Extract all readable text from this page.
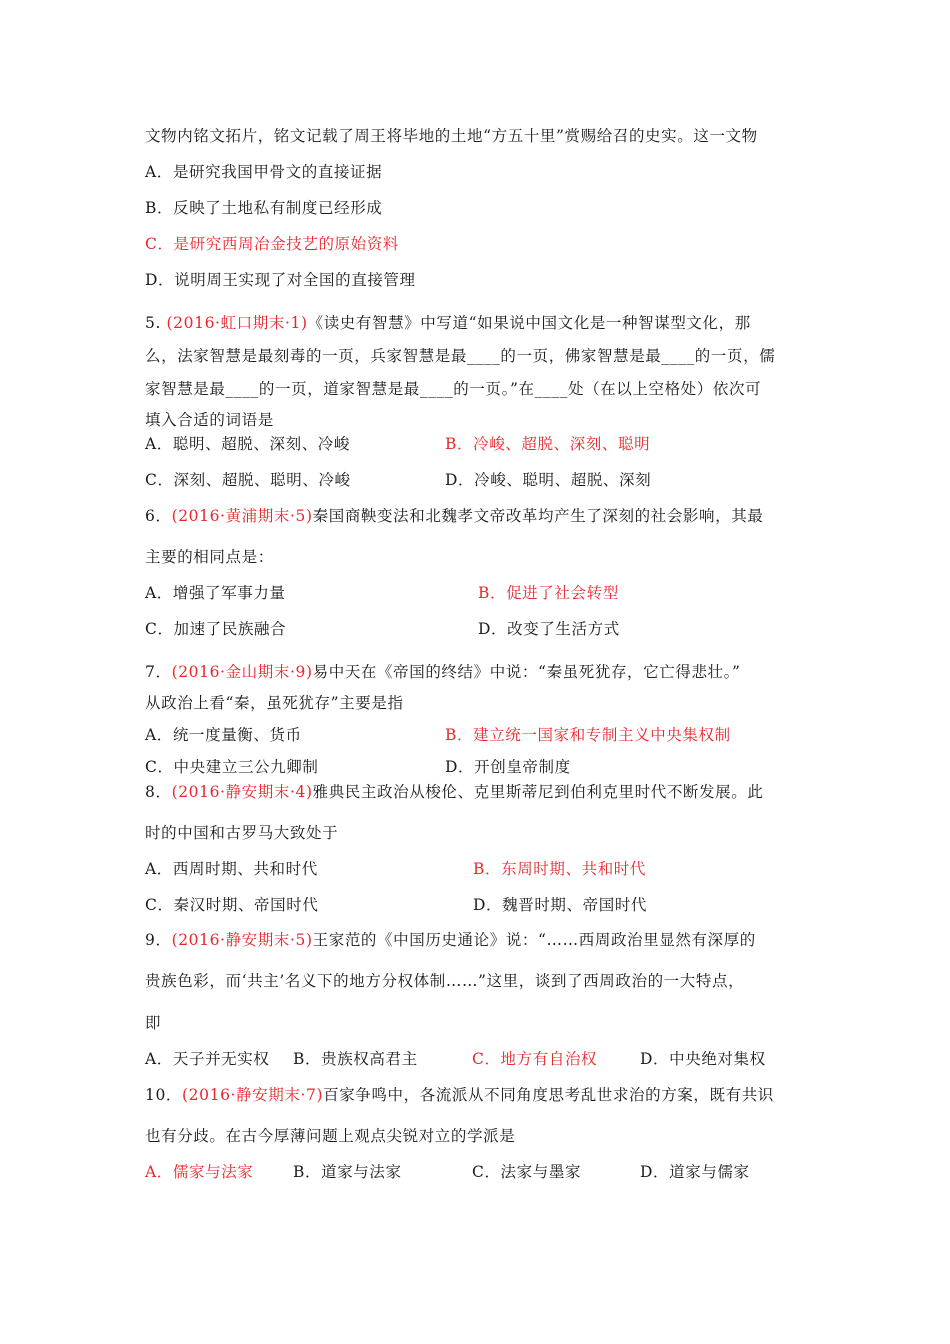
文物内铭文拓片，铭文记载了周王将毕地的土地“方五十里”赏赐给召的史实。这一文物
A．是研究我国甲骨文的直接证据
B．反映了土地私有制度已经形成
C．是研究西周冶金技艺的原始资料
D．说明周王实现了对全国的直接管理
5. (2016·虹口期末·1)《读史有智慧》中写道“如果说中国文化是一种智谋型文化，那
么，法家智慧是最刻毒的一页，兵家智慧是最____的一页，佛家智慧是最____的一页，儒
家智慧是最____的一页，道家智慧是最____的一页。”在____处（在以上空格处）依次可
填入合适的词语是
A．聪明、超脱、深刻、冷峻	B．冷峻、超脱、深刻、聪明
C．深刻、超脱、聪明、冷峻	D．冷峻、聪明、超脱、深刻
6．(2016·黄浦期末·5)秦国商鞅变法和北魏孝文帝改革均产生了深刻的社会影响，其最
主要的相同点是：
A．增强了军事力量	B．促进了社会转型
C．加速了民族融合	D．改变了生活方式
7．(2016·金山期末·9)易中天在《帝国的终结》中说：“秦虽死犹存，它亡得悲壮。”
从政治上看“秦，虽死犹存”主要是指
A．统一度量衡、货币	B．建立统一国家和专制主义中央集权制
C．中央建立三公九卿制	D．开创皇帝制度
8．(2016·静安期末·4)雅典民主政治从梭伦、克里斯蒂尼到伯利克里时代不断发展。此
时的中国和古罗马大致处于
A．西周时期、共和时代	B．东周时期、共和时代
C．秦汉时期、帝国时代	D．魏晋时期、帝国时代
9．(2016·静安期末·5)王家范的《中国历史通论》说：“……西周政治里显然有深厚的
贵族色彩，而‘共主’名义下的地方分权体制……”这里，谈到了西周政治的一大特点，
即
A．天子并无实权 B．贵族权高君主	C．地方有自治权	D．中央绝对集权
10．(2016·静安期末·7)百家争鸣中，各流派从不同角度思考乱世求治的方案，既有共识
也有分歧。在古今厚薄问题上观点尖锐对立的学派是
A．儒家与法家	B．道家与法家	C．法家与墨家	D．道家与儒家
